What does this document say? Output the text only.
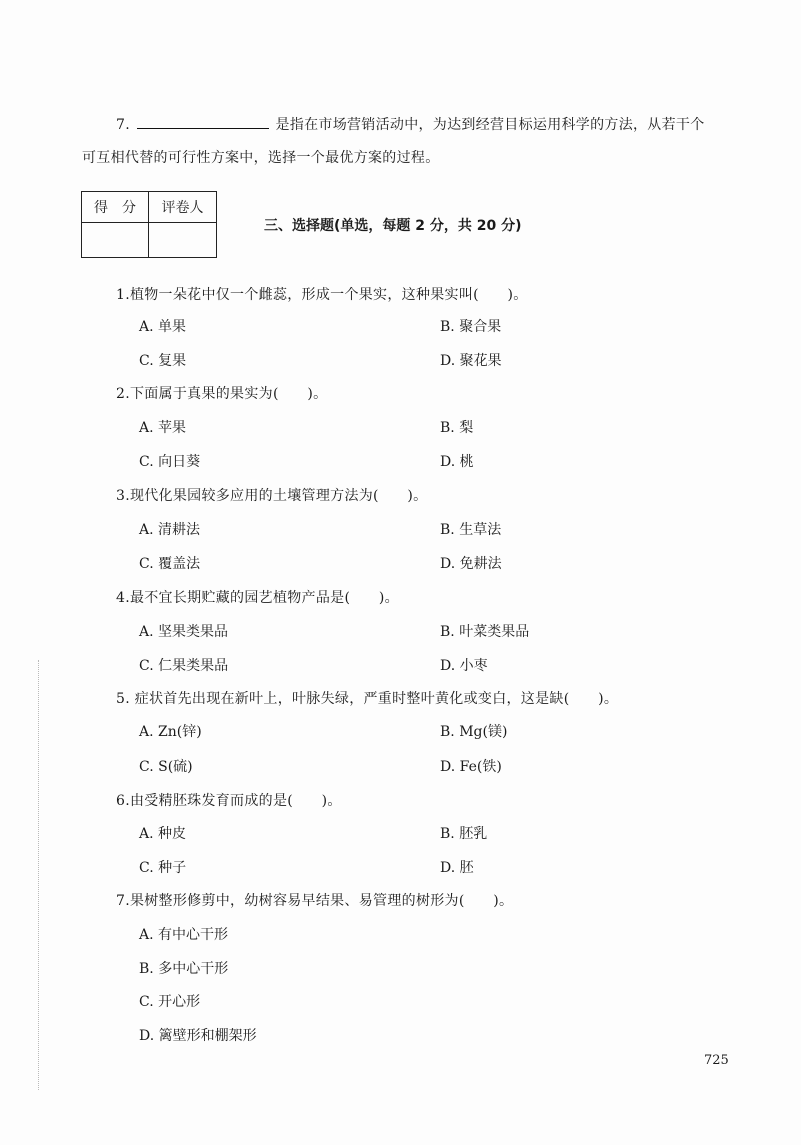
7.	是指在市场营销活动中，为达到经营目标运用科学的方法，从若干个
可互相代替的可行性方案中，选择一个最优方案的过程。
得　分	评卷人

三、选择题(单选，每题 2 分，共 20 分)
1.植物一朵花中仅一个雌蕊，形成一个果实，这种果实叫(　　)。
A. 单果	B. 聚合果
C. 复果	D. 聚花果
2.下面属于真果的果实为(　　)。
A. 苹果	B. 梨
C. 向日葵	D. 桃
3.现代化果园较多应用的土壤管理方法为(　　)。
A. 清耕法	B. 生草法
C. 覆盖法	D. 免耕法
4.最不宜长期贮藏的园艺植物产品是(　　)。
A. 坚果类果品	B. 叶菜类果品
C. 仁果类果品	D. 小枣
5. 症状首先出现在新叶上，叶脉失绿，严重时整叶黄化或变白，这是缺(　　)。
A. Zn(锌)	B. Mg(镁)
C. S(硫)	D. Fe(铁)
6.由受精胚珠发育而成的是(　　)。
A. 种皮	B. 胚乳
C. 种子	D. 胚
7.果树整形修剪中，幼树容易早结果、易管理的树形为(　　)。
A. 有中心干形
B. 多中心干形
C. 开心形
D. 篱壁形和棚架形
725
